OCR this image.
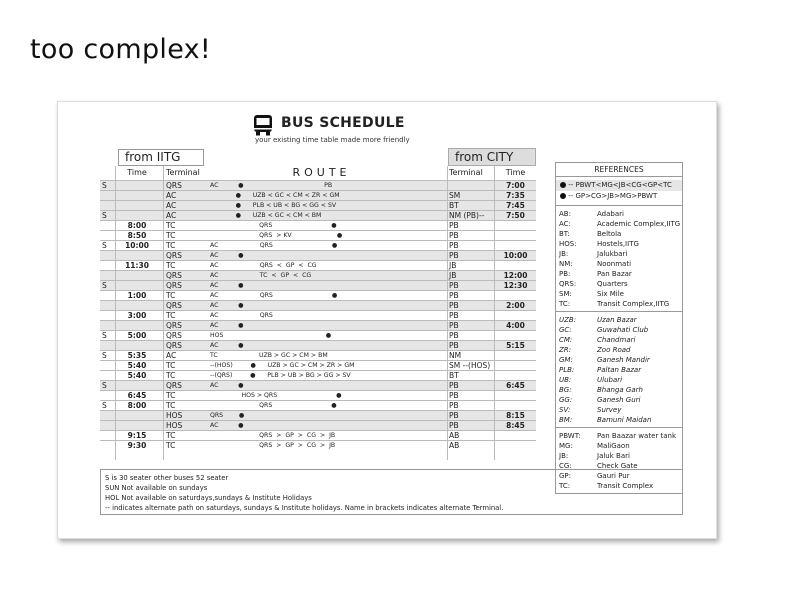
too complex!
BUS SCHEDULE
your existing time table made more friendly
from IITG	from CITY
Time	Terminal	ROUTE	Terminal	Time
S	QRS	AC          ●                                         PB	7:00
AC	●      UZB < GC < CM < ZR < GM	SM	7:35
AC	●      PLB < UB < BG < GG < SV	BT	7:45
S	AC	●      UZB < GC < CM < BM	NM (PB)--	7:50
8:00	TC	QRS                              ●	PB
8:50	TC	QRS  > KV                       ●	PB
S	10:00	TC	AC                     QRS                              ●	PB
QRS	AC          ●	PB	10:00
11:30	TC	AC                     QRS  <  GP  <  CG	JB
QRS	AC                     TC  <  GP  <  CG	JB	12:00
S	QRS	AC          ●	PB	12:30
1:00	TC	AC                     QRS                              ●	PB
QRS	AC          ●	PB	2:00
3:00	TC	AC                     QRS	PB
QRS	AC          ●	PB	4:00
S	5:00	QRS	HOS                                                    ●	PB
QRS	AC          ●	PB	5:15
S	5:35	AC	TC                     UZB > GC > CM > BM	NM
5:40	TC	--(HOS)         ●      UZB > GC > CM > ZR > GM	SM --(HOS)
5:40	TC	--(QRS)         ●      PLB > UB > BG > GG > SV	BT
S	QRS	AC          ●	PB	6:45
6:45	TC	HOS > QRS                              ●	PB
S	8:00	TC	QRS                              ●	PB
HOS	QRS        ●	PB	8:15
HOS	AC          ●	PB	8:45
9:15	TC	QRS  >  GP  >  CG  >  JB	AB
9:30	TC	QRS  >  GP  >  CG  >  JB	AB
REFERENCES
-- PBWT<MG<JB<CG<GP<TC
-- GP>CG>JB>MG>PBWT
AB:	Adabari
AC:	Academic Complex,IITG
BT:	Beltola
HOS:	Hostels,IITG
JB:	Jalukbari
NM:	Noonmati
PB:	Pan Bazar
QRS:	Quarters
SM:	Six Mile
TC:	Transit Complex,IITG
UZB:	Uzan Bazar
GC:	Guwahati Club
CM:	Chandmari
ZR:	Zoo Road
GM:	Ganesh Mandir
PLB:	Paltan Bazar
UB:	Ulubari
BG:	Bhanga Garh
GG:	Ganesh Guri
SV:	Survey
BM:	Bamuni Maidan
PBWT: Pan Baazar water tank
MG:	MaliGaon
JB:	Jaluk Bari
CG:	Check Gate
GP:	Gauri Pur
TC:	Transit Complex
S is 30 seater other buses 52 seater
SUN Not available on sundays
HOL Not available on saturdays,sundays & Institute Holidays
-- indicates alternate path on saturdays, sundays & Institute holidays. Name in brackets indicates alternate Terminal.
